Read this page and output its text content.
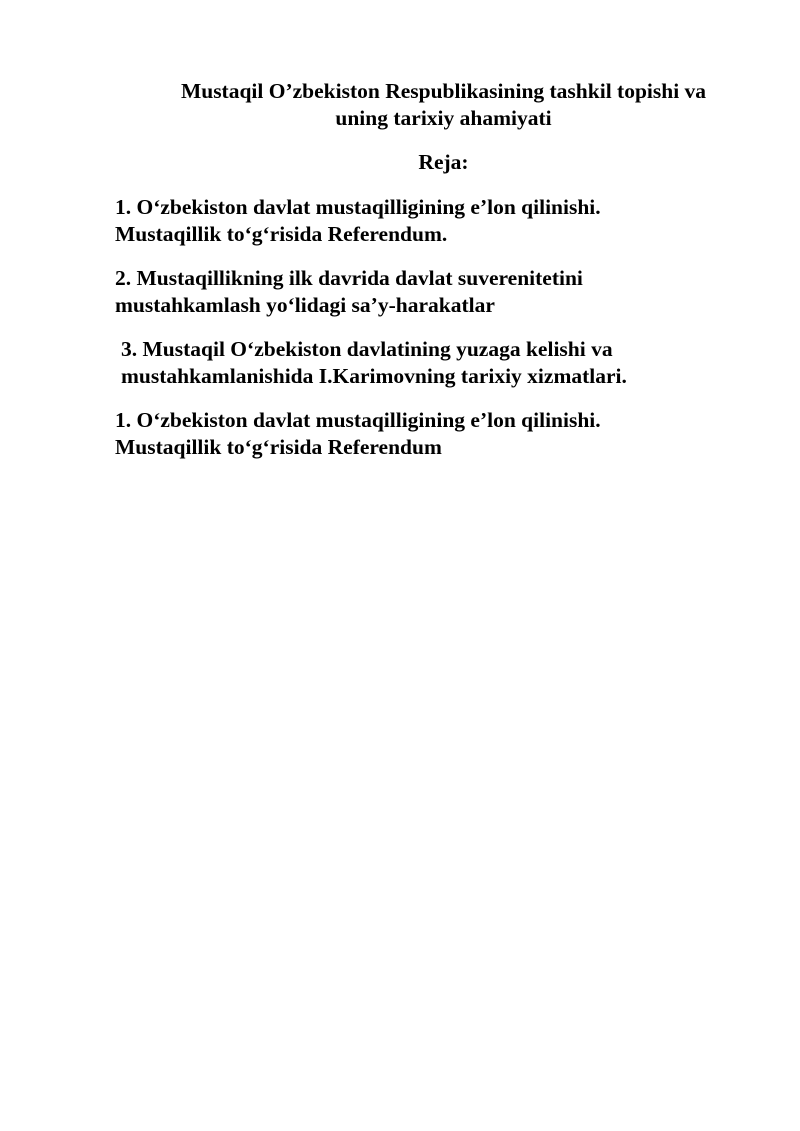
Mustaqil O’zbekiston Respublikasining tashkil topishi va
uning tarixiy ahamiyati
Reja:
1. O‘zbekiston davlat mustaqilligining e’lon qilinishi.
Mustaqillik to‘g‘risida Referendum.
2. Mustaqillikning ilk davrida davlat suverenitetini
mustahkamlash yo‘lidagi sa’y-harakatlar
3. Mustaqil O‘zbekiston davlatining yuzaga kelishi va
mustahkamlanishida I.Karimovning tarixiy xizmatlari.
1. O‘zbekiston davlat mustaqilligining e’lon qilinishi.
Mustaqillik to‘g‘risida Referendum
